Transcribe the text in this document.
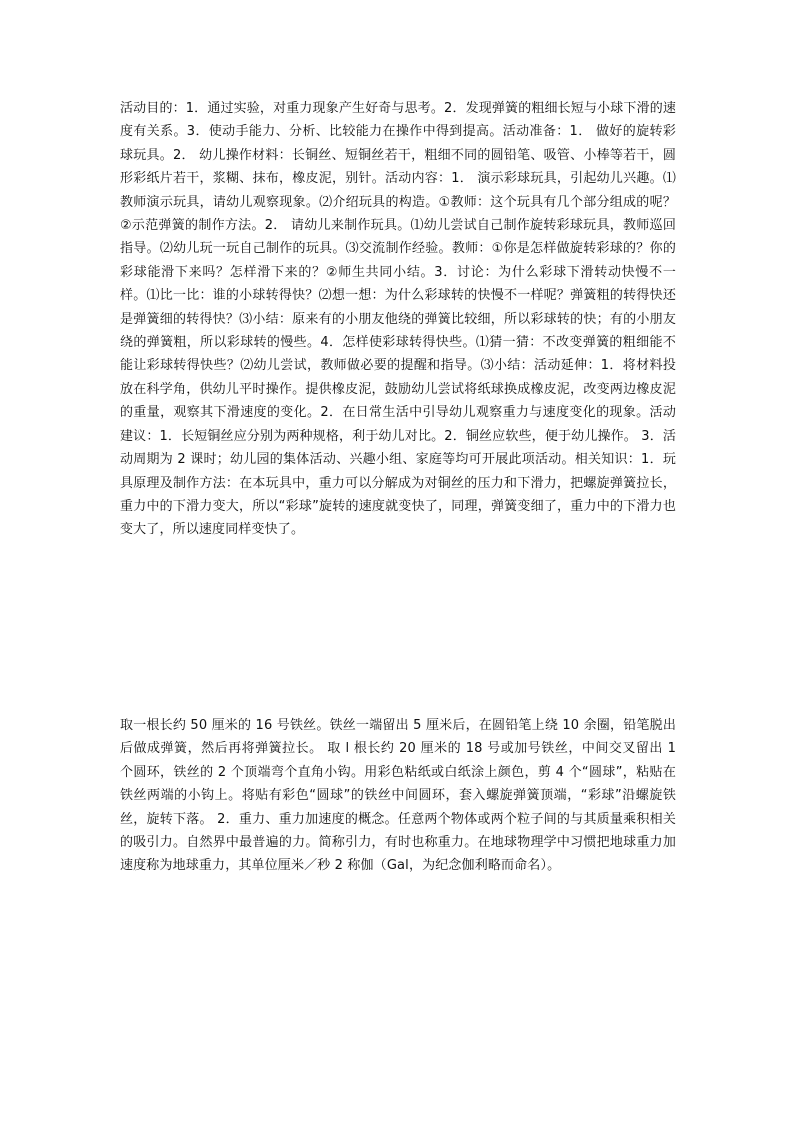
活动目的：1．通过实验，对重力现象产生好奇与思考。2．发现弹簧的粗细长短与小球下滑的速度有关系。3．使动手能力、分析、比较能力在操作中得到提高。活动准备：1． 做好的旋转彩球玩具。2． 幼儿操作材料：长铜丝、短铜丝若干，粗细不同的圆铅笔、吸管、小棒等若干，圆形彩纸片若干，浆糊、抹布，橡皮泥，别针。活动内容：1． 演示彩球玩具，引起幼儿兴趣。⑴教师演示玩具，请幼儿观察现象。⑵介绍玩具的构造。①教师：这个玩具有几个部分组成的呢？②示范弹簧的制作方法。2． 请幼儿来制作玩具。⑴幼儿尝试自己制作旋转彩球玩具，教师巡回指导。⑵幼儿玩一玩自己制作的玩具。⑶交流制作经验。教师：①你是怎样做旋转彩球的？你的彩球能滑下来吗？怎样滑下来的？②师生共同小结。3．讨论：为什么彩球下滑转动快慢不一样。⑴比一比：谁的小球转得快？⑵想一想：为什么彩球转的快慢不一样呢？弹簧粗的转得快还是弹簧细的转得快？⑶小结：原来有的小朋友他绕的弹簧比较细，所以彩球转的快；有的小朋友绕的弹簧粗，所以彩球转的慢些。4．怎样使彩球转得快些。⑴猜一猜：不改变弹簧的粗细能不能让彩球转得快些？⑵幼儿尝试，教师做必要的提醒和指导。⑶小结：活动延伸：1．将材料投放在科学角，供幼儿平时操作。提供橡皮泥，鼓励幼儿尝试将纸球换成橡皮泥，改变两边橡皮泥的重量，观察其下滑速度的变化。2．在日常生活中引导幼儿观察重力与速度变化的现象。活动建议：1．长短铜丝应分别为两种规格，利于幼儿对比。2．铜丝应软些，便于幼儿操作。 3．活动周期为 2 课时；幼儿园的集体活动、兴趣小组、家庭等均可开展此项活动。相关知识：1．玩具原理及制作方法：在本玩具中，重力可以分解成为对铜丝的压力和下滑力，把螺旋弹簧拉长，重力中的下滑力变大，所以“彩球”旋转的速度就变快了，同理，弹簧变细了，重力中的下滑力也变大了，所以速度同样变快了。

取一根长约 50 厘米的 16 号铁丝。铁丝一端留出 5 厘米后，在圆铅笔上绕 10 余圈，铅笔脱出后做成弹簧，然后再将弹簧拉长。 取 l 根长约 20 厘米的 18 号或加号铁丝，中间交叉留出 1 个圆环，铁丝的 2 个顶端弯个直角小钩。用彩色粘纸或白纸涂上颜色，剪 4 个“圆球”，粘贴在铁丝两端的小钩上。将贴有彩色“圆球”的铁丝中间圆环，套入螺旋弹簧顶端，“彩球”沿螺旋铁丝，旋转下落。 2．重力、重力加速度的概念。任意两个物体或两个粒子间的与其质量乘积相关的吸引力。自然界中最普遍的力。简称引力，有时也称重力。在地球物理学中习惯把地球重力加速度称为地球重力，其单位厘米／秒 2 称伽（Gal，为纪念伽利略而命名）。
